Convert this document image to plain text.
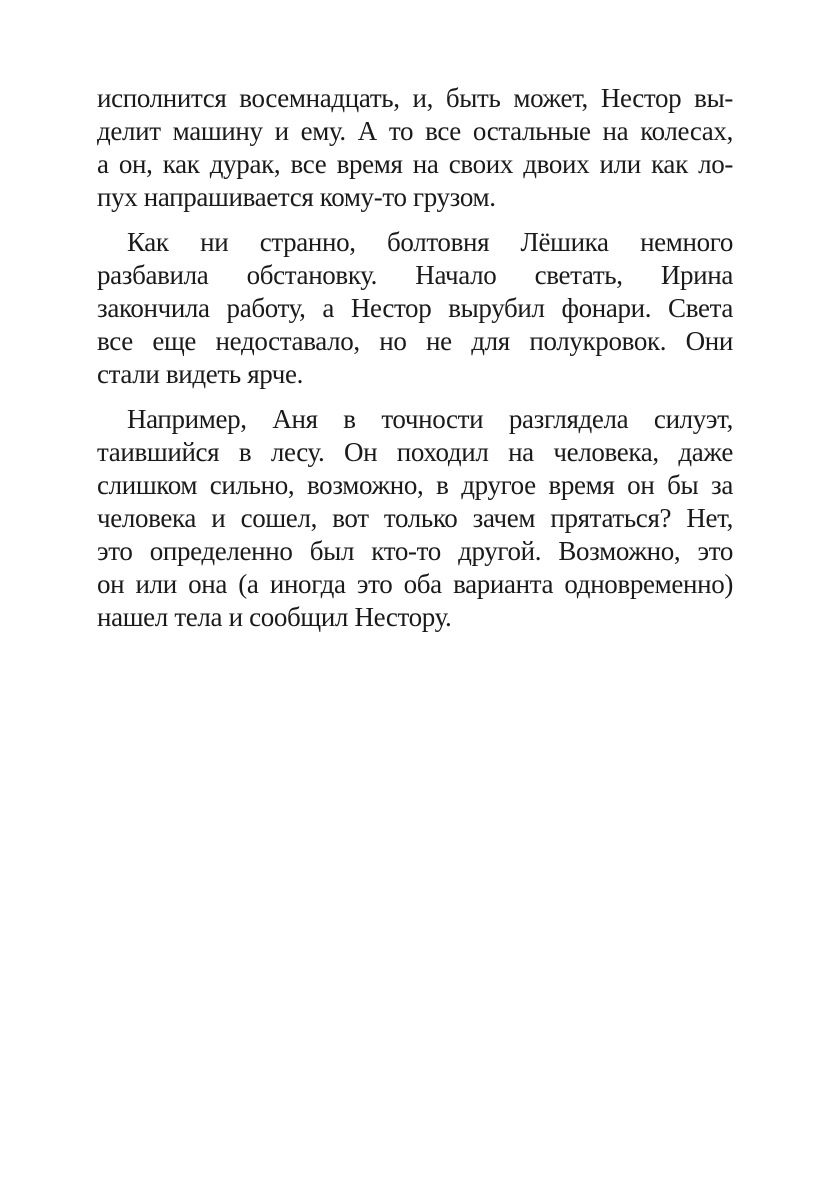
исполнится восемнадцать, и, быть может, Нестор вы-
делит машину и ему. А то все остальные на колесах,
а он, как дурак, все время на своих двоих или как ло-
пух напрашивается кому-то грузом.

Как ни странно, болтовня Лёшика немного
разбавила обстановку. Начало светать, Ирина
закончила работу, а Нестор вырубил фонари. Света
все еще недоставало, но не для полукровок. Они
стали видеть ярче.

Например, Аня в точности разглядела силуэт,
таившийся в лесу. Он походил на человека, даже
слишком сильно, возможно, в другое время он бы за
человека и сошел, вот только зачем прятаться? Нет,
это определенно был кто-то другой. Возможно, это
он или она (а иногда это оба варианта одновременно)
нашел тела и сообщил Нестору.
